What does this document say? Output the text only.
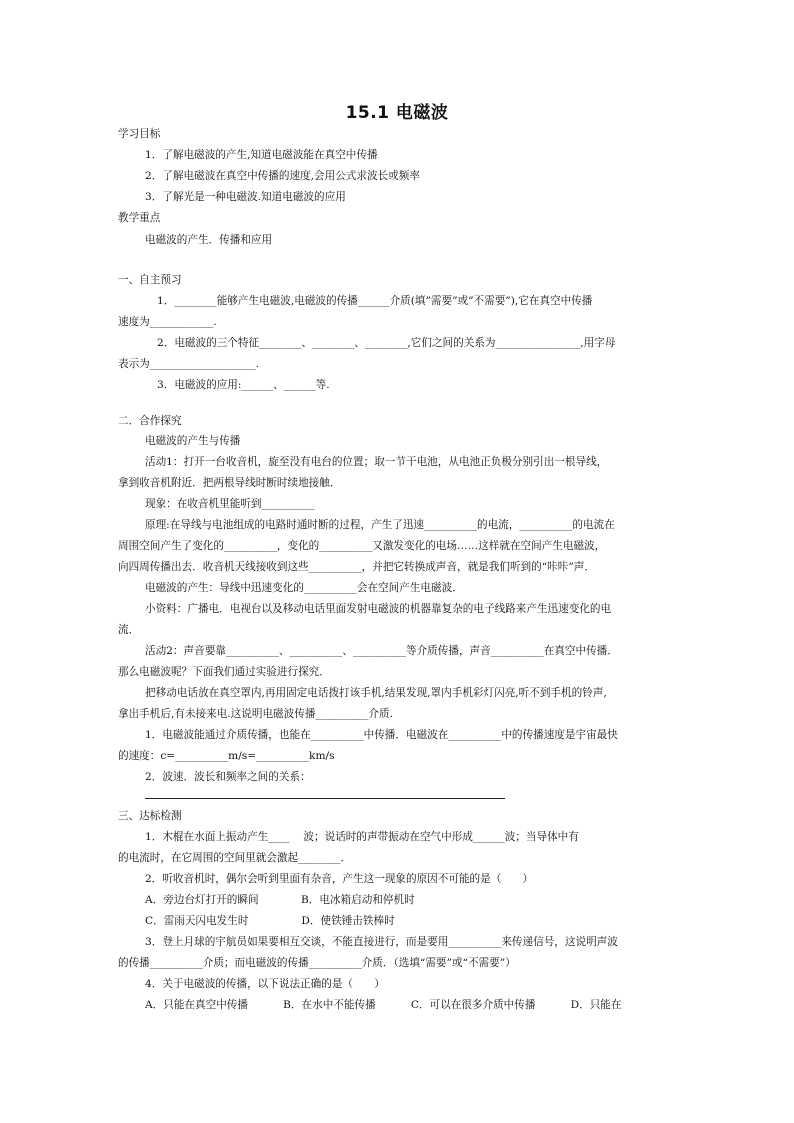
15.1 电磁波
学习目标
1．了解电磁波的产生,知道电磁波能在真空中传播
2．了解电磁波在真空中传播的速度,会用公式求波长或频率
3．了解光是一种电磁波.知道电磁波的应用
教学重点
电磁波的产生．传播和应用
一、自主预习
1．________能够产生电磁波,电磁波的传播______介质(填”需要”或”不需要”),它在真空中传播
速度为____________.
2．电磁波的三个特征________、________、________,它们之间的关系为________________,用字母
表示为____________________.
3．电磁波的应用:______、______等.
二．合作探究
电磁波的产生与传播
活动1：打开一台收音机，旋至没有电台的位置；取一节干电池，从电池正负极分别引出一根导线，
拿到收音机附近．把两根导线时断时续地接触．
现象：在收音机里能听到__________
原理:在导线与电池组成的电路时通时断的过程，产生了迅速__________的电流，__________的电流在
周围空间产生了变化的__________，变化的__________又激发变化的电场……这样就在空间产生电磁波，
向四周传播出去．收音机天线接收到这些__________，并把它转换成声音，就是我们听到的“咔咔”声．
电磁波的产生：导线中迅速变化的__________会在空间产生电磁波．
小资料：广播电．电视台以及移动电话里面发射电磁波的机器靠复杂的电子线路来产生迅速变化的电
流．
活动2：声音要靠__________、__________、__________等介质传播，声音__________在真空中传播．
那么电磁波呢？下面我们通过实验进行探究．
把移动电话放在真空罩内,再用固定电话拨打该手机,结果发现,罩内手机彩灯闪亮,听不到手机的铃声,
拿出手机后,有未接来电.这说明电磁波传播__________介质.
1．电磁波能通过介质传播，也能在__________中传播．电磁波在__________中的传播速度是宇宙最快
的速度：c=__________m/s=__________km/s
2．波速．波长和频率之间的关系：
三、达标检测
1．木棍在水面上振动产生____　 波；说话时的声带振动在空气中形成______波；当导体中有
的电流时，在它周围的空间里就会激起________．
2．听收音机时，偶尔会听到里面有杂音，产生这一现象的原因不可能的是（　　）
A．旁边台灯打开的瞬间　　　　B．电冰箱启动和停机时
C．雷雨天闪电发生时　　　　　D．使铁锤击铁棒时
3．登上月球的宇航员如果要相互交谈，不能直接进行，而是要用__________来传递信号，这说明声波
的传播__________介质；而电磁波的传播__________介质．（选填“需要”或“不需要”）
4．关于电磁波的传播，以下说法正确的是（　　）
A．只能在真空中传播　　　 B．在水中不能传播　　　 C．可以在很多介质中传播　　　 D．只能在
